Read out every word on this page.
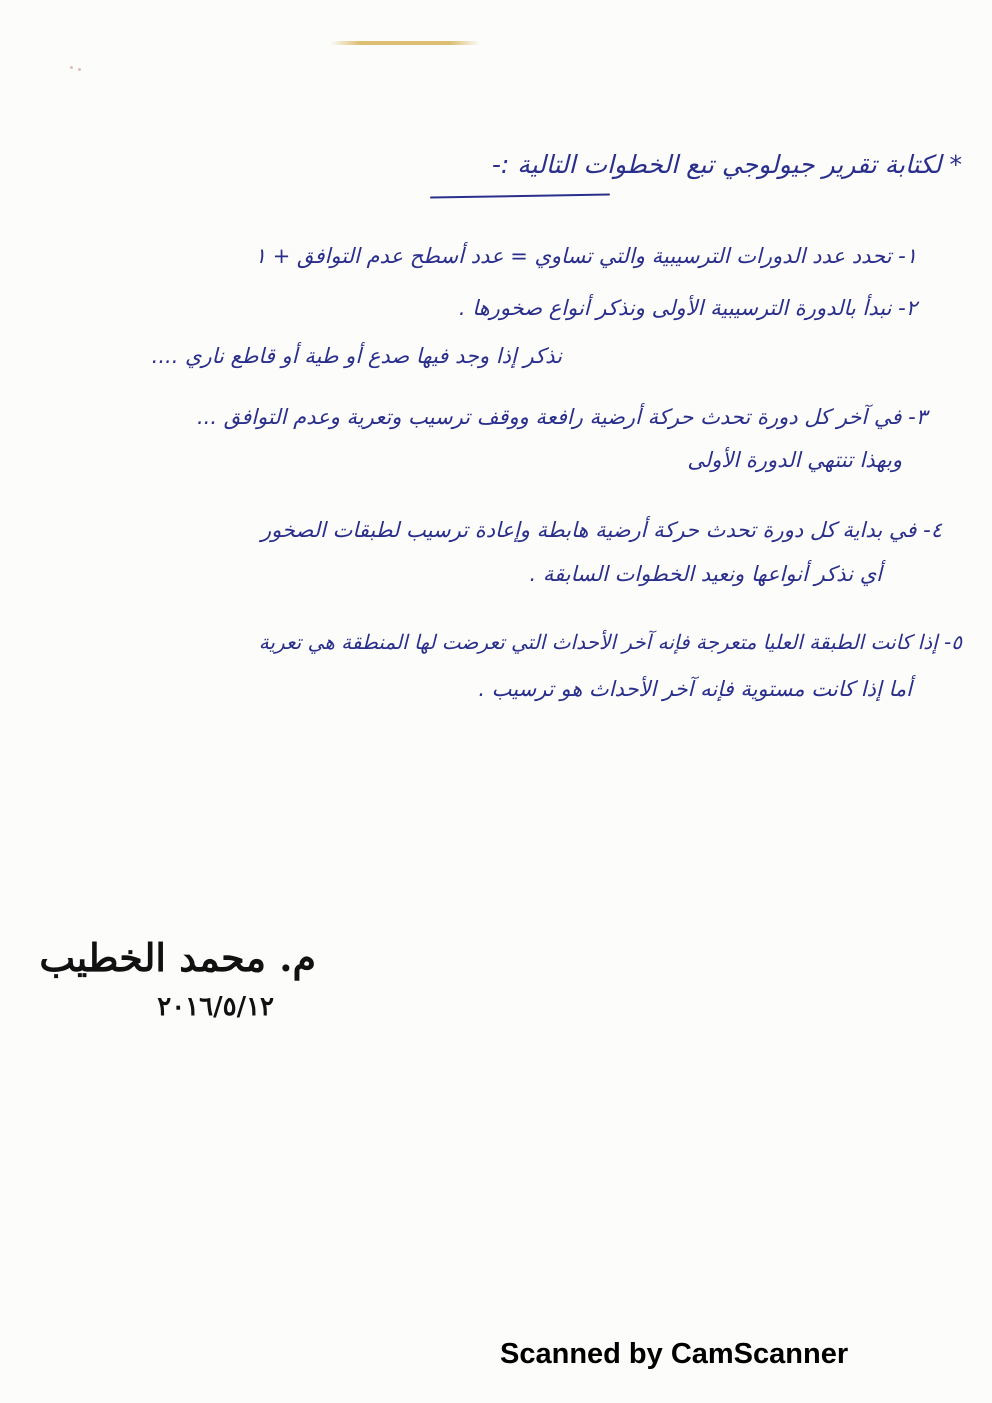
* لكتابة تقرير جيولوجي تبع الخطوات التالية :-
١- تحدد عدد الدورات الترسيبية والتي تساوي = عدد أسطح عدم التوافق + ١
٢- نبدأ بالدورة الترسيبية الأولى ونذكر أنواع صخورها .
نذكر إذا وجد فيها صدع أو طية أو قاطع ناري ....
٣- في آخر كل دورة تحدث حركة أرضية رافعة ووقف ترسيب وتعرية وعدم التوافق ...
وبهذا تنتهي الدورة الأولى
٤- في بداية كل دورة تحدث حركة أرضية هابطة وإعادة ترسيب لطبقات الصخور
أي نذكر أنواعها ونعيد الخطوات السابقة .
٥- إذا كانت الطبقة العليا متعرجة فإنه آخر الأحداث التي تعرضت لها المنطقة هي تعرية
أما إذا كانت مستوية فإنه آخر الأحداث هو ترسيب .
م. محمد الخطيب
٢٠١٦/٥/١٢
Scanned by CamScanner
